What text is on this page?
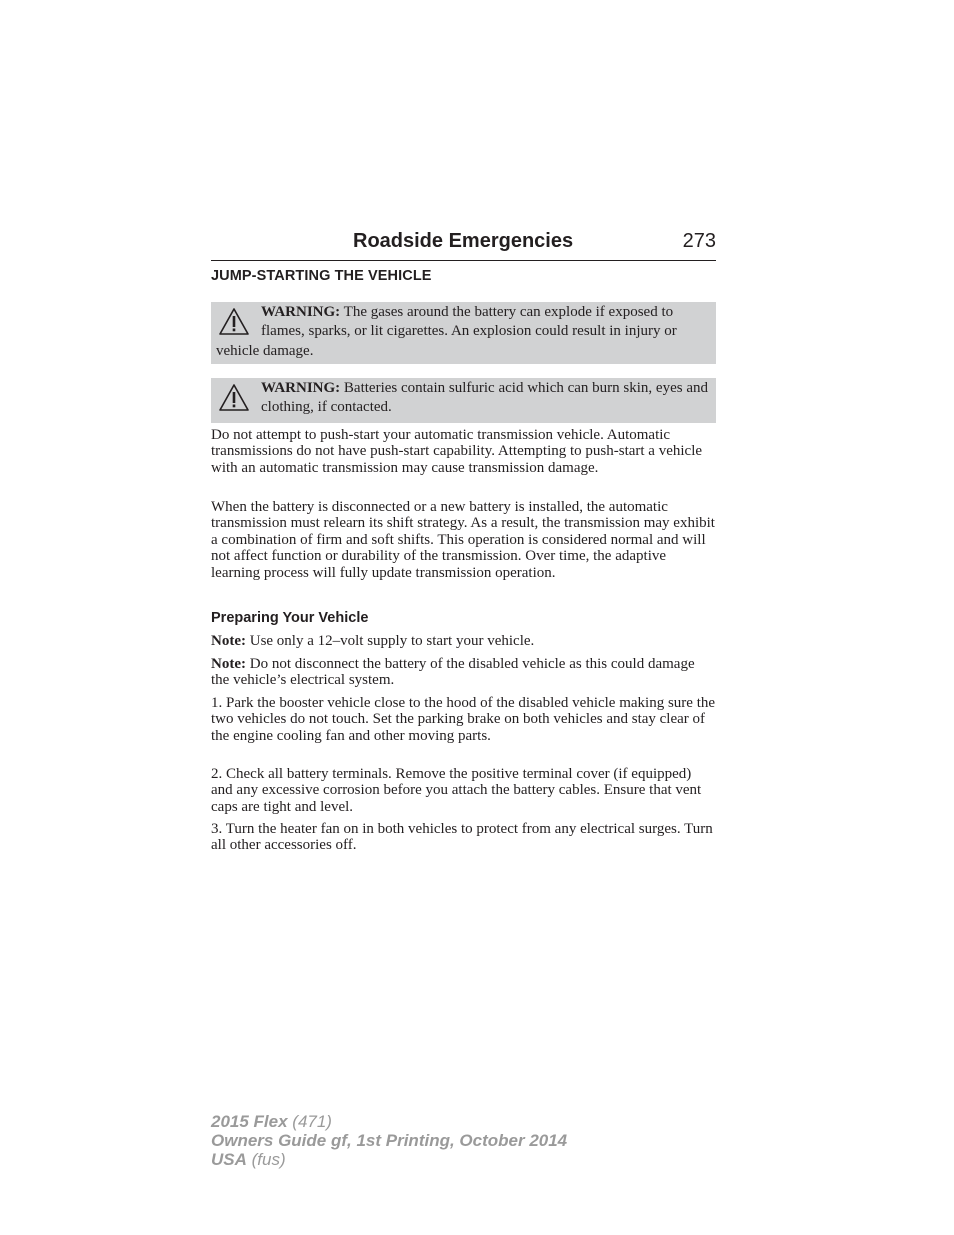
Roadside Emergencies	273
JUMP-STARTING THE VEHICLE
WARNING: The gases around the battery can explode if exposed to flames, sparks, or lit cigarettes. An explosion could result in injury or vehicle damage.
WARNING: Batteries contain sulfuric acid which can burn skin, eyes and clothing, if contacted.

Do not attempt to push-start your automatic transmission vehicle. Automatic transmissions do not have push-start capability. Attempting to push-start a vehicle with an automatic transmission may cause transmission damage.

When the battery is disconnected or a new battery is installed, the automatic transmission must relearn its shift strategy. As a result, the transmission may exhibit a combination of firm and soft shifts. This operation is considered normal and will not affect function or durability of the transmission. Over time, the adaptive learning process will fully update transmission operation.

Preparing Your Vehicle

Note: Use only a 12–volt supply to start your vehicle.

Note: Do not disconnect the battery of the disabled vehicle as this could damage the vehicle’s electrical system.

1. Park the booster vehicle close to the hood of the disabled vehicle making sure the two vehicles do not touch. Set the parking brake on both vehicles and stay clear of the engine cooling fan and other moving parts.

2. Check all battery terminals. Remove the positive terminal cover (if equipped) and any excessive corrosion before you attach the battery cables. Ensure that vent caps are tight and level.

3. Turn the heater fan on in both vehicles to protect from any electrical surges. Turn all other accessories off.

2015 Flex (471)
Owners Guide gf, 1st Printing, October 2014
USA (fus)
